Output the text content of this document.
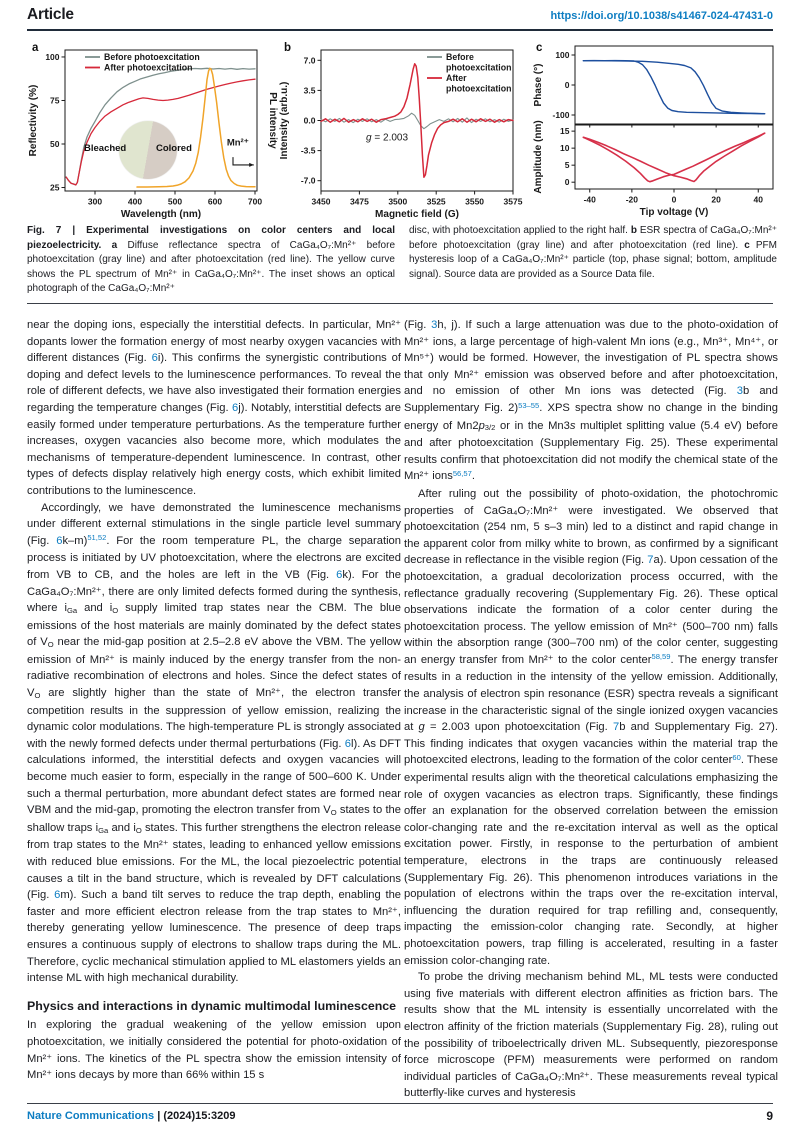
Article	https://doi.org/10.1038/s41467-024-47431-0
300	400	500	600	700
25
50
75
100
Wavelength (nm)
Reflectivity (%)	PL intensity
Before photoexcitation
After photoexcitation
Mn²⁺
3450 3475 3500 3525 3550 3575
7.0
3.5
0.0
-3.5
-7.0
Magnetic field (G)
Intensity (arb.u.)
Before
photoexcitation
After
photoexcitation
g = 2.003
100
0
-100
Phase (°)
-40	-20	0	20	40
15
10
5
0
Tip voltage (V)
Amplitude (nm)
a	b	c
Bleached	Colored
Fig. 7 | Experimental investigations on color centers and local piezoelectricity. a Diffuse reflectance spectra of CaGa₄O₇:Mn²⁺ before photoexcitation (gray line) and after photoexcitation (red line). The yellow curve shows the PL spectrum of Mn²⁺ in CaGa₄O₇:Mn²⁺. The inset shows an optical photograph of the CaGa₄O₇:Mn²⁺
disc, with photoexcitation applied to the right half. b ESR spectra of CaGa₄O₇:Mn²⁺ before photoexcitation (gray line) and after photoexcitation (red line). c PFM hysteresis loop of a CaGa₄O₇:Mn²⁺ particle (top, phase signal; bottom, amplitude signal). Source data are provided as a Source Data file.

near the doping ions, especially the interstitial defects. In particular, Mn²⁺ dopants lower the formation energy of most nearby oxygen vacancies with different distances (Fig. 6i). This confirms the synergistic contributions of doping and defect levels to the luminescence performances. To reveal the role of different defects, we have also investigated their formation energies regarding the temperature changes (Fig. 6j). Notably, interstitial defects are easily formed under temperature perturbations. As the temperature further increases, oxygen vacancies also become more, which modulates the mechanisms of temperature-dependent luminescence. In contrast, other types of defects display relatively high energy costs, which exhibit limited contributions to the luminescence.

Accordingly, we have demonstrated the luminescence mechanisms under different external stimulations in the single particle level summary (Fig. 6k–m)$^{51,52}$. For the room temperature PL, the charge separation process is initiated by UV photoexcitation, where the electrons are excited from VB to CB, and the holes are left in the VB (Fig. 6k). For the CaGa₄O₇:Mn²⁺, there are only limited defects formed during the synthesis, where iGa and iO supply limited trap states near the CBM. The blue emissions of the host materials are mainly dominated by the defect states of VO near the mid-gap position at 2.5–2.8 eV above the VBM. The yellow emission of Mn²⁺ is mainly induced by the energy transfer from the non-radiative recombination of electrons and holes. Since the defect states of VO are slightly higher than the state of Mn²⁺, the electron transfer competition results in the suppression of yellow emission, realizing the dynamic color modulations. The high-temperature PL is strongly associated with the newly formed defects under thermal perturbations (Fig. 6l). As DFT calculations informed, the interstitial defects and oxygen vacancies will become much easier to form, especially in the range of 500–600 K. Under such a thermal perturbation, more abundant defect states are formed near VBM and the mid-gap, promoting the electron transfer from VO states to the shallow traps iGa and iO states. This further strengthens the electron release from trap states to the Mn²⁺ states, leading to enhanced yellow emissions with reduced blue emissions. For the ML, the local piezoelectric potential causes a tilt in the band structure, which is revealed by DFT calculations (Fig. 6m). Such a band tilt serves to reduce the trap depth, enabling the faster and more efficient electron release from the trap states to Mn²⁺, thereby generating yellow luminescence. The presence of deep traps ensures a continuous supply of electrons to shallow traps during the ML. Therefore, cyclic mechanical stimulation applied to ML elastomers yields an intense ML with high mechanical durability.

Physics and interactions in dynamic multimodal luminescence

In exploring the gradual weakening of the yellow emission upon photoexcitation, we initially considered the potential for photo-oxidation of Mn²⁺ ions. The kinetics of the PL spectra show the emission intensity of Mn²⁺ ions decays by more than 66% within 15 s

(Fig. 3h, j). If such a large attenuation was due to the photo-oxidation of Mn²⁺ ions, a large percentage of high-valent Mn ions (e.g., Mn³⁺, Mn⁴⁺, or Mn⁵⁺) would be formed. However, the investigation of PL spectra shows that only Mn²⁺ emission was observed before and after photoexcitation, and no emission of other Mn ions was detected (Fig. 3b and Supplementary Fig. 2)$^{53-55}$. XPS spectra show no change in the binding energy of Mn2p3/2 or in the Mn3s multiplet splitting value (5.4 eV) before and after photoexcitation (Supplementary Fig. 25). These experimental results confirm that photoexcitation did not modify the chemical state of the Mn²⁺ ions$^{56,57}$.

After ruling out the possibility of photo-oxidation, the photochromic properties of CaGa₄O₇:Mn²⁺ were investigated. We observed that photoexcitation (254 nm, 5 s–3 min) led to a distinct and rapid change in the apparent color from milky white to brown, as confirmed by a significant decrease in reflectance in the visible region (Fig. 7a). Upon cessation of the photoexcitation, a gradual decolorization process occurred, with the reflectance gradually recovering (Supplementary Fig. 26). These optical observations indicate the formation of a color center during the photoexcitation process. The yellow emission of Mn²⁺ (500–700 nm) falls within the absorption range (300–700 nm) of the color center, suggesting an energy transfer from Mn²⁺ to the color center$^{58,59}$. The energy transfer results in a reduction in the intensity of the yellow emission. Additionally, the analysis of electron spin resonance (ESR) spectra reveals a significant increase in the characteristic signal of the single ionized oxygen vacancies at g = 2.003 upon photoexcitation (Fig. 7b and Supplementary Fig. 27). This finding indicates that oxygen vacancies within the material trap the photoexcited electrons, leading to the formation of the color center$^{60}$. These experimental results align with the theoretical calculations emphasizing the role of oxygen vacancies as electron traps. Significantly, these findings offer an explanation for the observed correlation between the emission color-changing rate and the re-excitation interval as well as the optical excitation power. Firstly, in response to the perturbation of ambient temperature, electrons in the traps are continuously released (Supplementary Fig. 26). This phenomenon introduces variations in the population of electrons within the traps over the re-excitation interval, influencing the duration required for trap refilling and, consequently, impacting the emission-color changing rate. Secondly, at higher photoexcitation powers, trap filling is accelerated, resulting in a faster emission color-changing rate.

To probe the driving mechanism behind ML, ML tests were conducted using five materials with different electron affinities as friction bars. The results show that the ML intensity is essentially uncorrelated with the electron affinity of the friction materials (Supplementary Fig. 28), ruling out the possibility of triboelectrically driven ML. Subsequently, piezoresponse force microscope (PFM) measurements were performed on random individual particles of CaGa₄O₇:Mn²⁺. These measurements reveal typical butterfly-like curves and hysteresis

Nature Communications | (2024)15:3209	9
